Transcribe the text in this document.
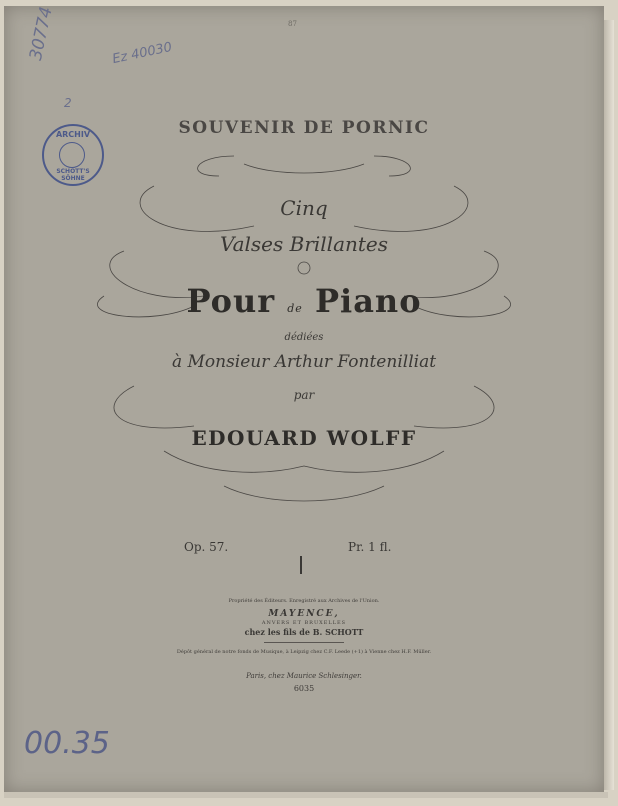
SOUVENIR DE PORNIC
Cinq
Valses Brillantes
Pour de Piano
dédiées
à Monsieur Arthur Fontenilliat
par
EDOUARD WOLFF
Op. 57.	Pr. 1 fl.
Propriété des Éditeurs. Enregistré aux Archives de l'Union.
MAYENCE,
ANVERS ET BRUXELLES
chez les fils de B. SCHOTT
Dépôt général de notre fonds de Musique, à Leipzig chez C.F. Leede (+1) à Vienne chez H.F. Müller.
Paris, chez Maurice Schlesinger.
6035
ARCHIV
SCHOTT'S SÖHNE
30774
2
Ez 40030
87
00.35
